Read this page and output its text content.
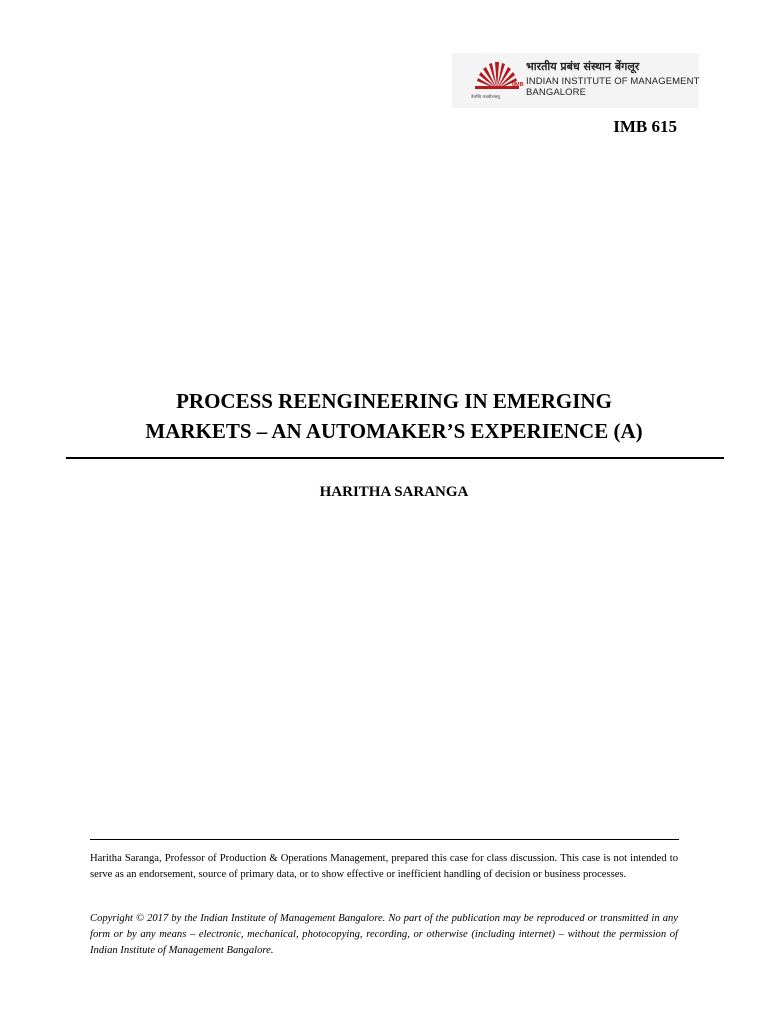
IIMB
तेजस्वि नावधीतमस्तु
भारतीय प्रबंध संस्थान बेंगलूर
INDIAN INSTITUTE OF MANAGEMENT
BANGALORE
IMB 615
PROCESS REENGINEERING IN EMERGING
MARKETS – AN AUTOMAKER’S EXPERIENCE (A)
HARITHA SARANGA
Haritha Saranga, Professor of Production & Operations Management, prepared this case for class discussion. This case is not intended to serve as an endorsement, source of primary data, or to show effective or inefficient handling of decision or business processes.
Copyright © 2017 by the Indian Institute of Management Bangalore. No part of the publication may be reproduced or transmitted in any form or by any means – electronic, mechanical, photocopying, recording, or otherwise (including internet) – without the permission of Indian Institute of Management Bangalore.
